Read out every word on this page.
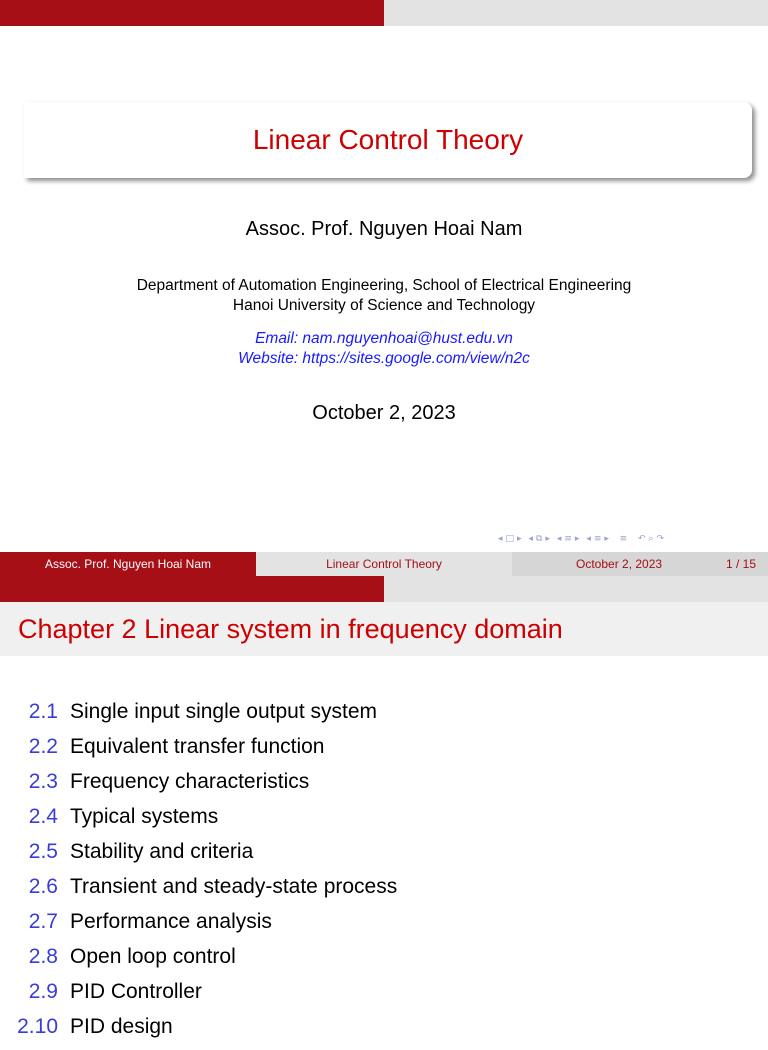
Linear Control Theory
Assoc. Prof. Nguyen Hoai Nam
Department of Automation Engineering, School of Electrical Engineering
Hanoi University of Science and Technology
Email: nam.nguyenhoai@hust.edu.vn
Website: https://sites.google.com/view/n2c
October 2, 2023
◂ □ ▸ ◂ ⧉ ▸ ◂ ≡ ▸ ◂ ≡ ▸  ≡  ↶ ⌕ ↷
Assoc. Prof. Nguyen Hoai Nam	Linear Control Theory	October 2, 2023	1 / 15
Chapter 2 Linear system in frequency domain
2.1 Single input single output system
2.2 Equivalent transfer function
2.3 Frequency characteristics
2.4 Typical systems
2.5 Stability and criteria
2.6 Transient and steady-state process
2.7 Performance analysis
2.8 Open loop control
2.9 PID Controller
2.10 PID design
